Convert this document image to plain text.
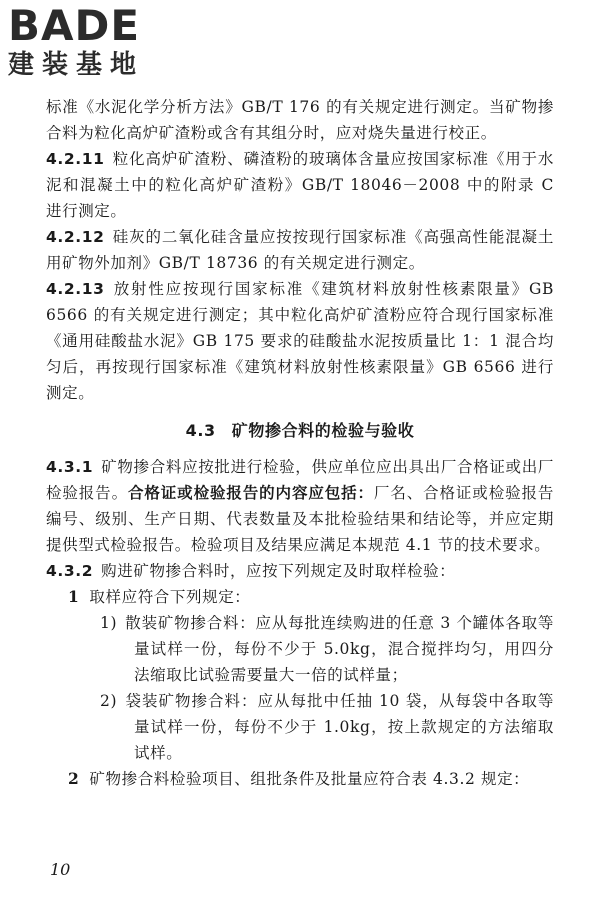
BADE
建装基地

标准《水泥化学分析方法》GB/T 176 的有关规定进行测定。当矿物掺合料为粒化高炉矿渣粉或含有其组分时，应对烧失量进行校正。

4.2.11 粒化高炉矿渣粉、磷渣粉的玻璃体含量应按国家标准《用于水泥和混凝土中的粒化高炉矿渣粉》GB/T 18046－2008 中的附录 C 进行测定。

4.2.12 硅灰的二氧化硅含量应按按现行国家标准《高强高性能混凝土用矿物外加剂》GB/T 18736 的有关规定进行测定。

4.2.13 放射性应按现行国家标准《建筑材料放射性核素限量》GB 6566 的有关规定进行测定；其中粒化高炉矿渣粉应符合现行国家标准《通用硅酸盐水泥》GB 175 要求的硅酸盐水泥按质量比 1：1 混合均匀后，再按现行国家标准《建筑材料放射性核素限量》GB 6566 进行测定。

4.3 矿物掺合料的检验与验收

4.3.1 矿物掺合料应按批进行检验，供应单位应出具出厂合格证或出厂检验报告。合格证或检验报告的内容应包括：厂名、合格证或检验报告编号、级别、生产日期、代表数量及本批检验结果和结论等，并应定期提供型式检验报告。检验项目及结果应满足本规范 4.1 节的技术要求。

4.3.2 购进矿物掺合料时，应按下列规定及时取样检验：

1 取样应符合下列规定：

1) 散装矿物掺合料：应从每批连续购进的任意 3 个罐体各取等量试样一份，每份不少于 5.0kg，混合搅拌均匀，用四分法缩取比试验需要量大一倍的试样量；

2) 袋装矿物掺合料：应从每批中任抽 10 袋，从每袋中各取等量试样一份，每份不少于 1.0kg，按上款规定的方法缩取试样。

2 矿物掺合料检验项目、组批条件及批量应符合表 4.3.2 规定：

10
